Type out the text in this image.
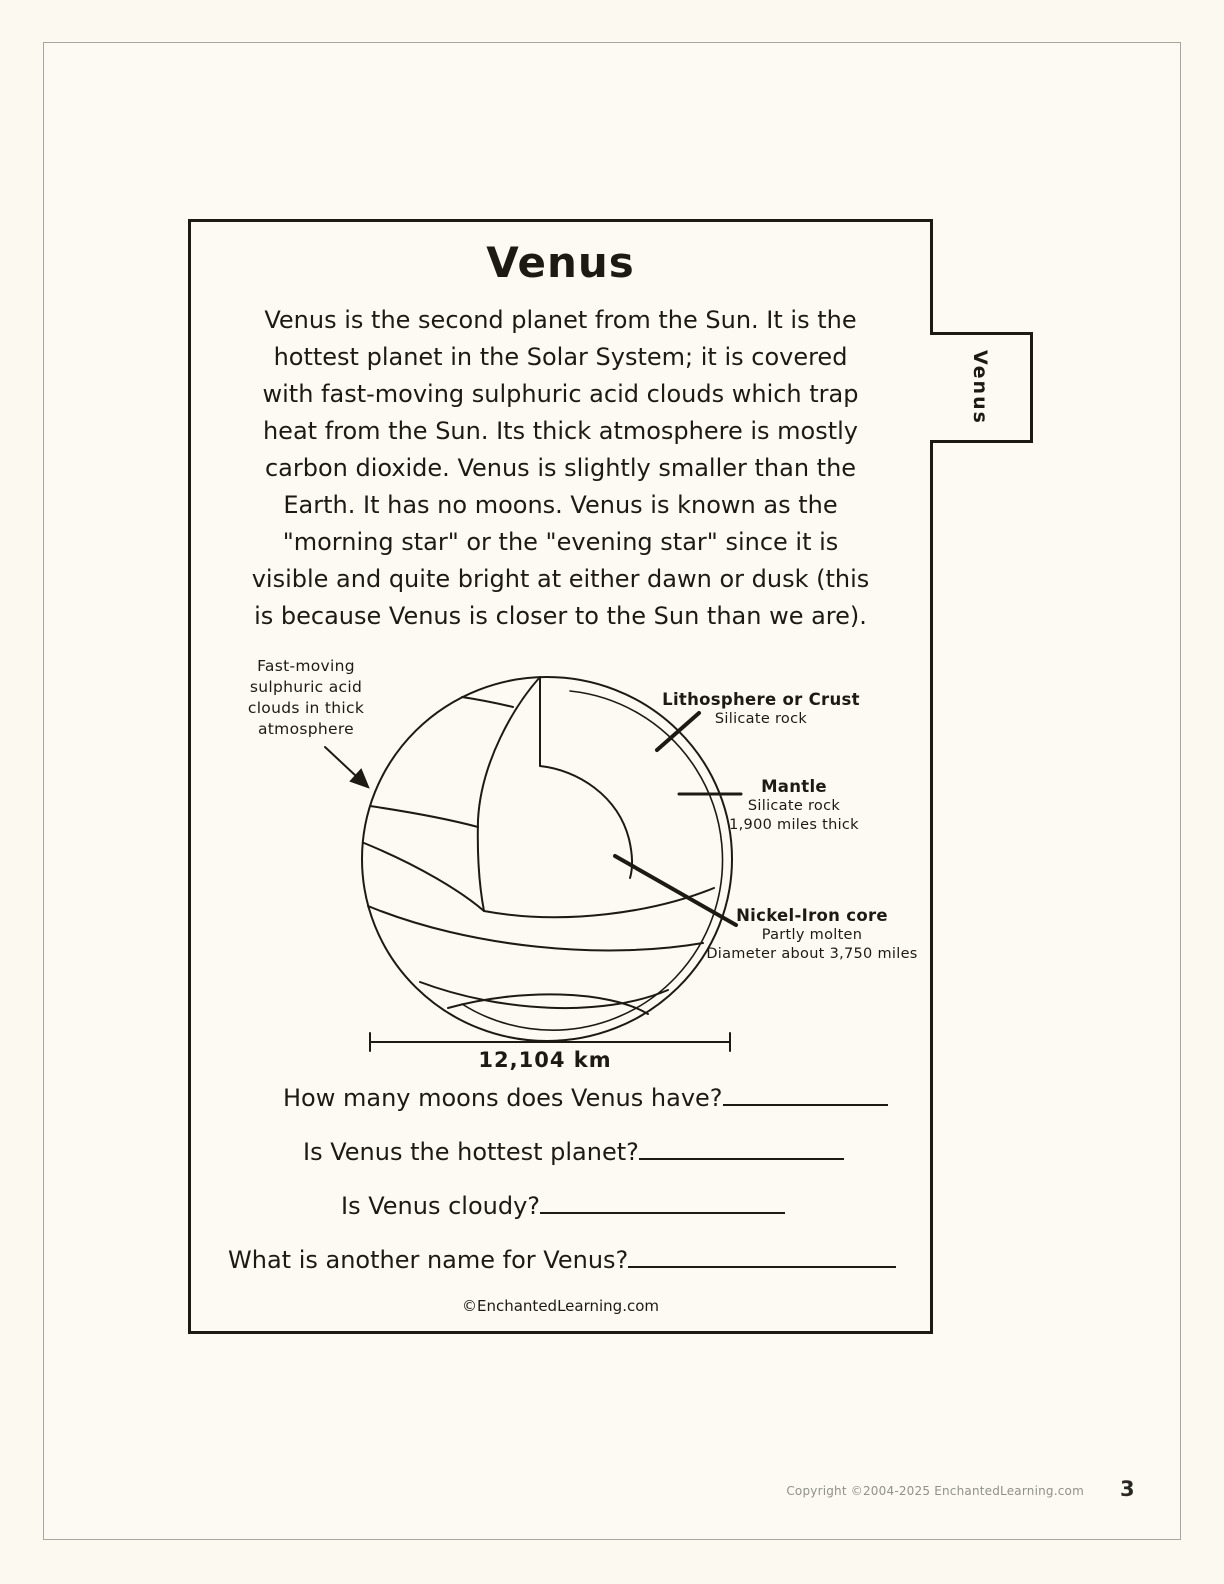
Venus
Venus
Venus is the second planet from the Sun. It is the
hottest planet in the Solar System; it is covered
with fast-moving sulphuric acid clouds which trap
heat from the Sun. Its thick atmosphere is mostly
carbon dioxide. Venus is slightly smaller than the
Earth. It has no moons. Venus is known as the
"morning star" or the "evening star" since it is
visible and quite bright at either dawn or dusk (this
is because Venus is closer to the Sun than we are).
Fast-moving
sulphuric acid
clouds in thick
atmosphere
Lithosphere or Crust
Silicate rock
Mantle
Silicate rock
1,900 miles thick
Nickel-Iron core
Partly molten
Diameter about 3,750 miles
12,104 km
How many moons does Venus have?
Is Venus the hottest planet?
Is Venus cloudy?
What is another name for Venus?
©EnchantedLearning.com
Copyright ©2004-2025 EnchantedLearning.com 3
